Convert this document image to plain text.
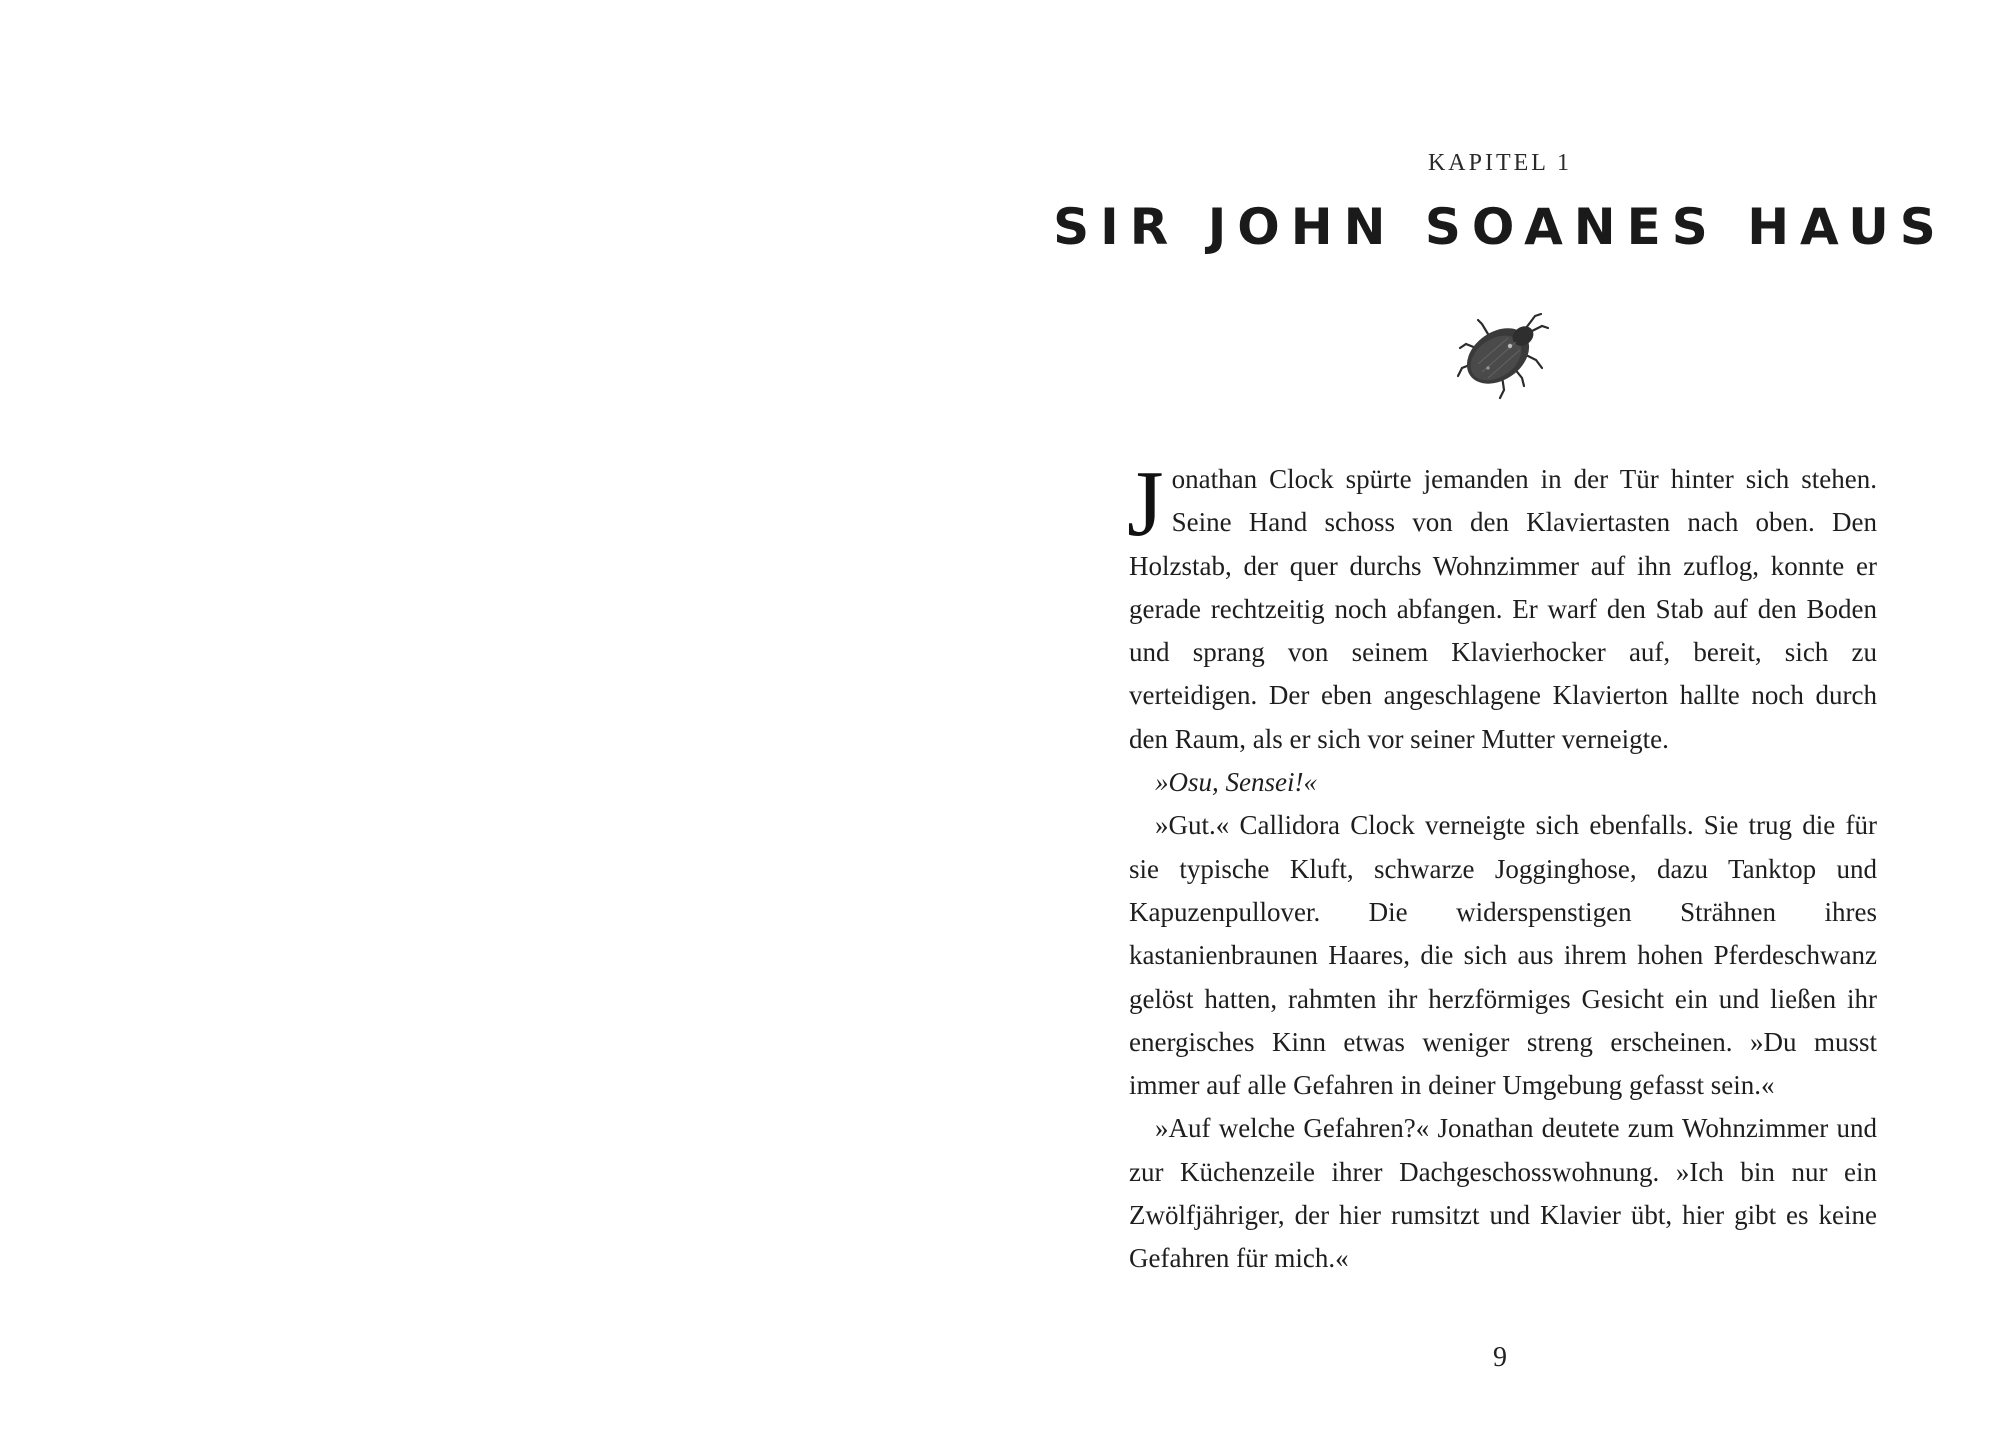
KAPITEL 1
SIR JOHN SOANES HAUS

Jonathan Clock spürte jemanden in der Tür hinter sich stehen. Seine Hand schoss von den Klaviertasten nach oben. Den Holzstab, der quer durchs Wohnzimmer auf ihn zuflog, konnte er gerade rechtzeitig noch abfangen. Er warf den Stab auf den Boden und sprang von seinem Klavierhocker auf, bereit, sich zu verteidigen. Der eben angeschlagene Klavierton hallte noch durch den Raum, als er sich vor seiner Mutter verneigte.

»Osu, Sensei!«

»Gut.« Callidora Clock verneigte sich ebenfalls. Sie trug die für sie typische Kluft, schwarze Jogginghose, dazu Tanktop und Kapuzenpullover. Die widerspenstigen Strähnen ihres kastanienbraunen Haares, die sich aus ihrem hohen Pferdeschwanz gelöst hatten, rahmten ihr herzförmiges Gesicht ein und ließen ihr energisches Kinn etwas weniger streng erscheinen. »Du musst immer auf alle Gefahren in deiner Umgebung gefasst sein.«

»Auf welche Gefahren?« Jonathan deutete zum Wohnzimmer und zur Küchenzeile ihrer Dachgeschosswohnung. »Ich bin nur ein Zwölfjähriger, der hier rumsitzt und Klavier übt, hier gibt es keine Gefahren für mich.«

9
